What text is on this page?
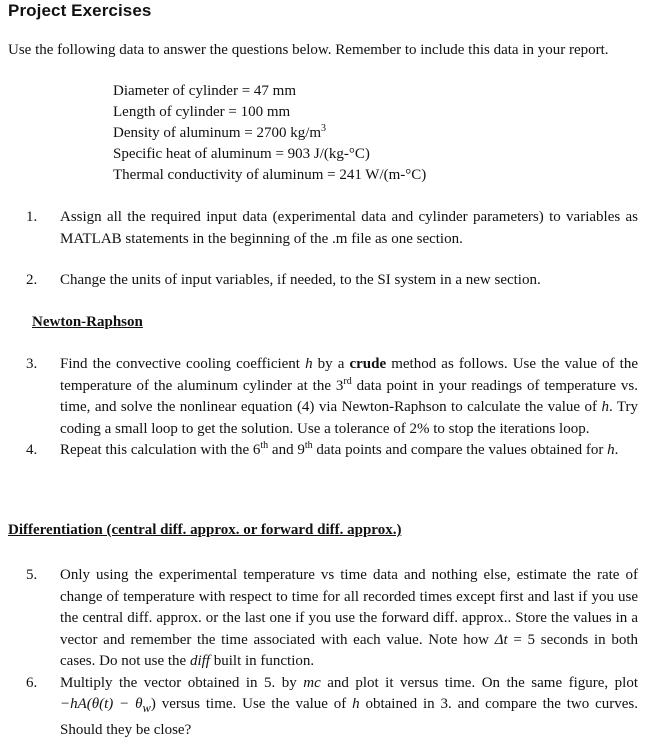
Project Exercises
Use the following data to answer the questions below. Remember to include this data in your report.
Diameter of cylinder = 47 mm
Length of cylinder = 100 mm
Density of aluminum = 2700 $kg/m^3$
Specific heat of aluminum = 903 J/(kg-°C)
Thermal conductivity of aluminum = 241 W/(m-°C)
1.	Assign all the required input data (experimental data and cylinder parameters) to variables as MATLAB statements in the beginning of the .m file as one section.
2.	Change the units of input variables, if needed, to the SI system in a new section.
Newton-Raphson
3.	Find the convective cooling coefficient h by a crude method as follows. Use the value of the temperature of the aluminum cylinder at the 3rd data point in your readings of temperature vs. time, and solve the nonlinear equation (4) via Newton-Raphson to calculate the value of h. Try coding a small loop to get the solution. Use a tolerance of 2% to stop the iterations loop.
4.	Repeat this calculation with the 6th and 9th data points and compare the values obtained for h.
Differentiation (central diff. approx. or forward diff. approx.)
5.	Only using the experimental temperature vs time data and nothing else, estimate the rate of change of temperature with respect to time for all recorded times except first and last if you use the central diff. approx. or the last one if you use the forward diff. approx.. Store the values in a vector and remember the time associated with each value. Note how Δt = 5 seconds in both cases. Do not use the diff built in function.
6.	Multiply the vector obtained in 5. by mc and plot it versus time. On the same figure, plot $-hA(\theta(t) - \theta_w)$ versus time. Use the value of h obtained in 3. and compare the two curves. Should they be close?
